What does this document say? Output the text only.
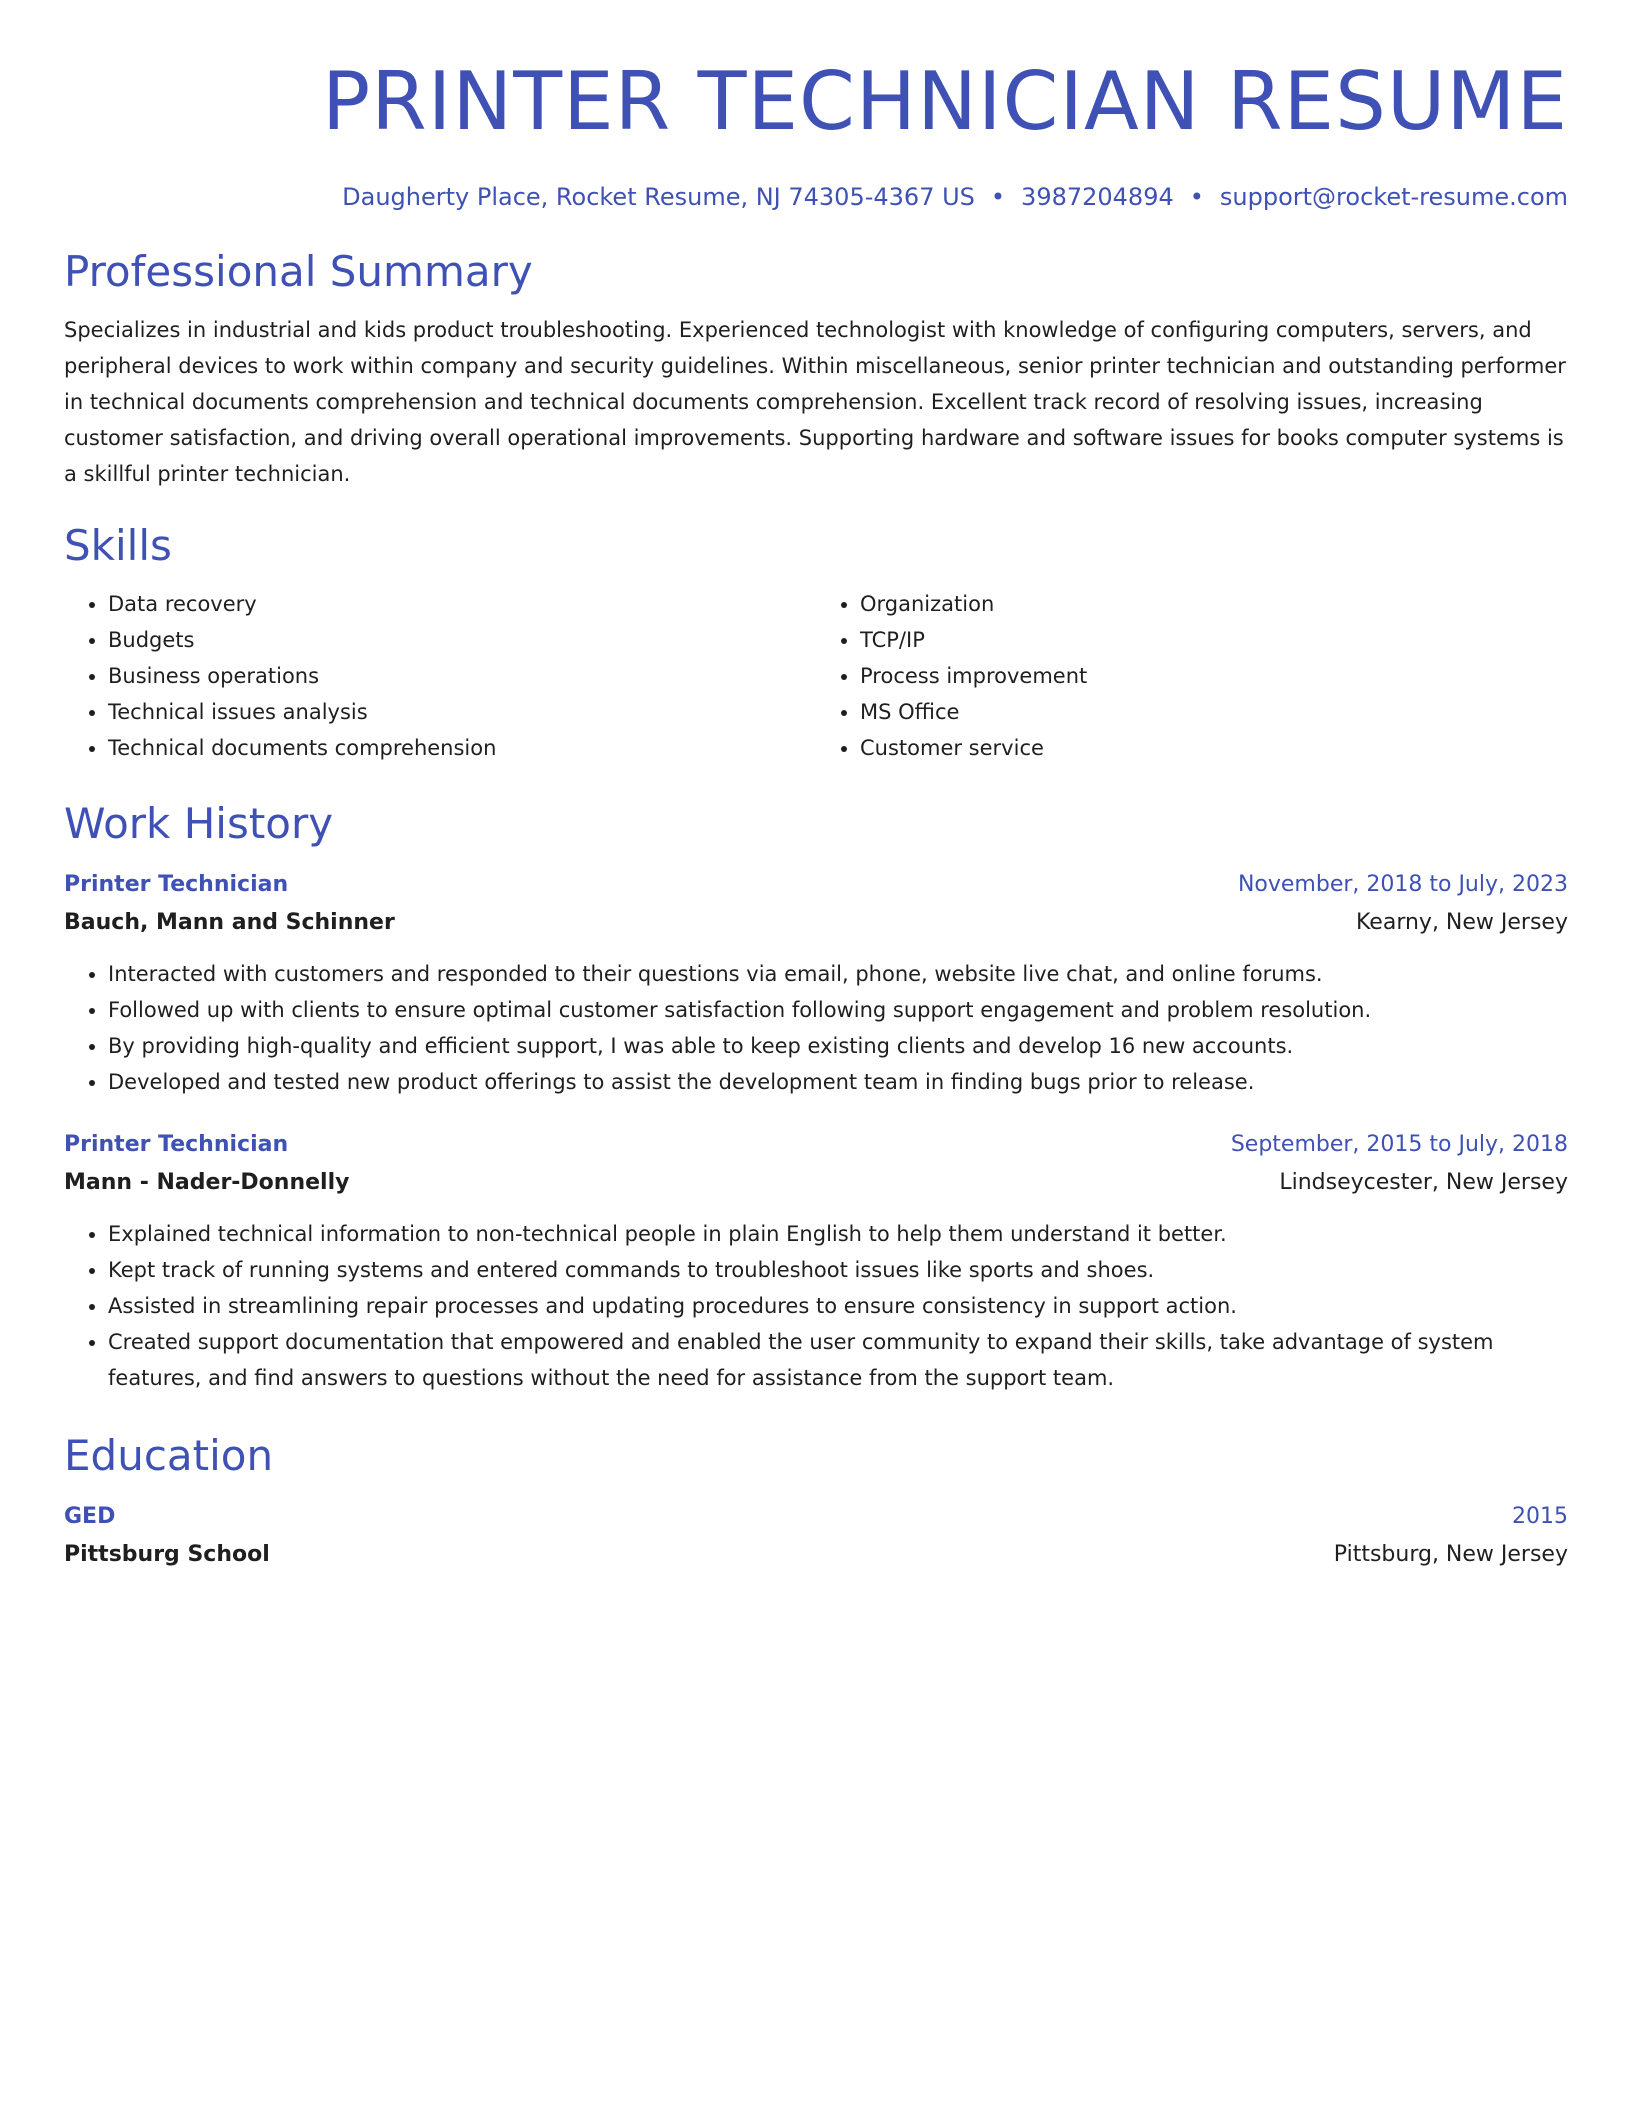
PRINTER TECHNICIAN RESUME
Daugherty Place, Rocket Resume, NJ 74305-4367 US • 3987204894 • support@rocket-resume.com
Professional Summary
Specializes in industrial and kids product troubleshooting. Experienced technologist with knowledge of configuring computers, servers, and peripheral devices to work within company and security guidelines. Within miscellaneous, senior printer technician and outstanding performer in technical documents comprehension and technical documents comprehension. Excellent track record of resolving issues, increasing customer satisfaction, and driving overall operational improvements. Supporting hardware and software issues for books computer systems is a skillful printer technician.
Skills
• Data recovery
• Budgets
• Business operations
• Technical issues analysis
• Technical documents comprehension
• Organization
• TCP/IP
• Process improvement
• MS Office
• Customer service
Work History
Printer Technician	November, 2018 to July, 2023
Bauch, Mann and Schinner	Kearny, New Jersey
• Interacted with customers and responded to their questions via email, phone, website live chat, and online forums.
• Followed up with clients to ensure optimal customer satisfaction following support engagement and problem resolution.
• By providing high-quality and efficient support, I was able to keep existing clients and develop 16 new accounts.
• Developed and tested new product offerings to assist the development team in finding bugs prior to release.
Printer Technician	September, 2015 to July, 2018
Mann - Nader-Donnelly	Lindseycester, New Jersey
• Explained technical information to non-technical people in plain English to help them understand it better.
• Kept track of running systems and entered commands to troubleshoot issues like sports and shoes.
• Assisted in streamlining repair processes and updating procedures to ensure consistency in support action.
• Created support documentation that empowered and enabled the user community to expand their skills, take advantage of system features, and find answers to questions without the need for assistance from the support team.
Education
GED	2015
Pittsburg School	Pittsburg, New Jersey
